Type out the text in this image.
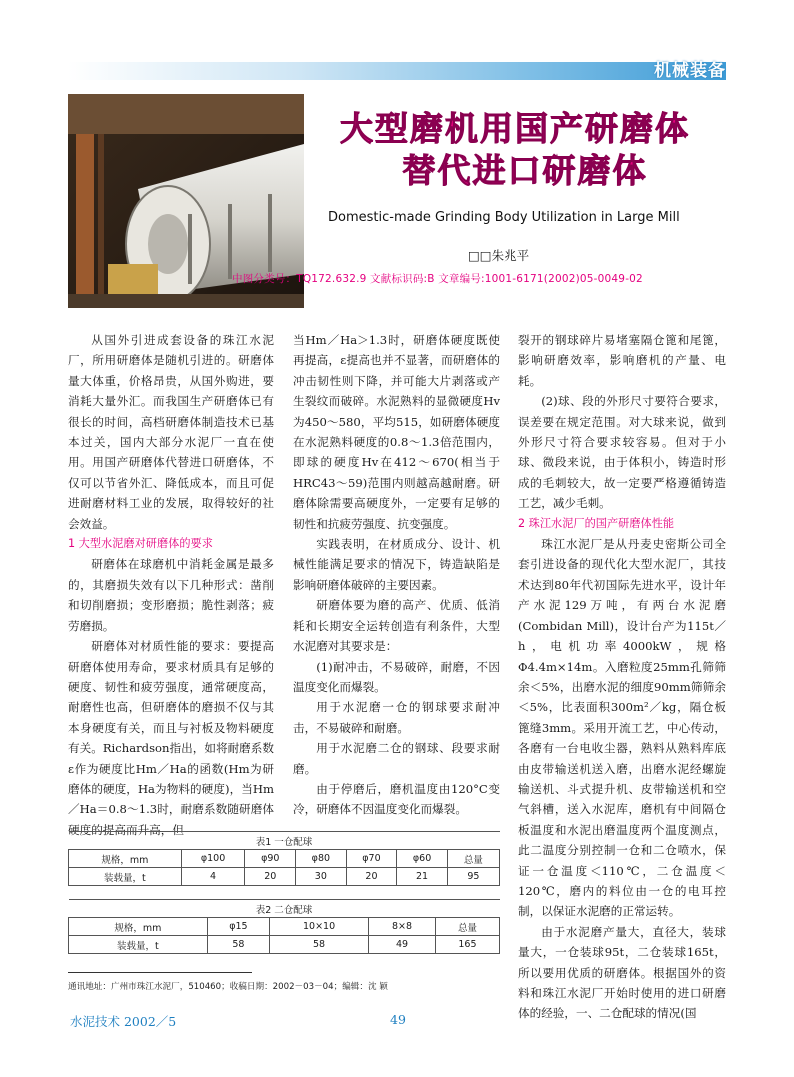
机械装备
大型磨机用国产研磨体

替代进口研磨体
Domestic-made Grinding Body Utilization in Large Mill
□□朱兆平
中图分类号：TQ172.632.9 文献标识码:B 文章编号:1001-6171(2002)05-0049-02

从国外引进成套设备的珠江水泥厂，所用研磨体是随机引进的。研磨体量大体重，价格昂贵，从国外购进，要消耗大量外汇。而我国生产研磨体已有很长的时间，高档研磨体制造技术已基本过关，国内大部分水泥厂一直在使用。用国产研磨体代替进口研磨体，不仅可以节省外汇、降低成本，而且可促进耐磨材料工业的发展，取得较好的社会效益。

1 大型水泥磨对研磨体的要求

研磨体在球磨机中消耗金属是最多的，其磨损失效有以下几种形式：凿削和切削磨损；变形磨损；脆性剥落；疲劳磨损。

研磨体对材质性能的要求：要提高研磨体使用寿命，要求材质具有足够的硬度、韧性和疲劳强度，通常硬度高，耐磨性也高，但研磨体的磨损不仅与其本身硬度有关，而且与衬板及物料硬度有关。Richardson指出，如将耐磨系数ε作为硬度比Hm／Ha的函数(Hm为研磨体的硬度，Ha为物料的硬度)，当Hm／Ha＝0.8～1.3时，耐磨系数随研磨体硬度的提高而升高，但

当Hm／Ha＞1.3时，研磨体硬度既使再提高，ε提高也并不显著，而研磨体的冲击韧性则下降，并可能大片剥落或产生裂纹而破碎。水泥熟料的显微硬度Hv为450～580，平均515，如研磨体硬度在水泥熟料硬度的0.8～1.3倍范围内，即球的硬度Hv在412～670(相当于HRC43～59)范围内则越高越耐磨。研磨体除需要高硬度外，一定要有足够的韧性和抗疲劳强度、抗变强度。

实践表明，在材质成分、设计、机械性能满足要求的情况下，铸造缺陷是影响研磨体破碎的主要因素。

研磨体要为磨的高产、优质、低消耗和长期安全运转创造有利条件，大型水泥磨对其要求是：

(1)耐冲击，不易破碎，耐磨，不因温度变化而爆裂。

用于水泥磨一仓的钢球要求耐冲击，不易破碎和耐磨。

用于水泥磨二仓的钢球、段要求耐磨。

由于停磨后，磨机温度由120°C变冷，研磨体不因温度变化而爆裂。

裂开的钢球碎片易堵塞隔仓篦和尾篦，影响研磨效率，影响磨机的产量、电耗。

(2)球、段的外形尺寸要符合要求，误差要在规定范围。对大球来说，做到外形尺寸符合要求较容易。但对于小球、微段来说，由于体积小，铸造时形成的毛刺较大，故一定要严格遵循铸造工艺，减少毛刺。

2 珠江水泥厂的国产研磨体性能

珠江水泥厂是从丹麦史密斯公司全套引进设备的现代化大型水泥厂，其技术达到80年代初国际先进水平，设计年产水泥129万吨，有两台水泥磨(Combidan Mill)，设计台产为115t／h，电机功率4000kW，规格Φ4.4m×14m。入磨粒度25mm孔筛筛余＜5%，出磨水泥的细度90mm筛筛余＜5%，比表面积300m²／kg，隔仓板篦缝3mm。采用开流工艺，中心传动，各磨有一台电收尘器，熟料从熟料库底由皮带输送机送入磨，出磨水泥经螺旋输送机、斗式提升机、皮带输送机和空气斜槽，送入水泥库，磨机有中间隔仓板温度和水泥出磨温度两个温度测点，此二温度分别控制一仓和二仓喷水，保证一仓温度＜110℃，二仓温度＜120℃，磨内的料位由一仓的电耳控制，以保证水泥磨的正常运转。

由于水泥磨产量大，直径大，装球量大，一仓装球95t，二仓装球165t，所以要用优质的研磨体。根据国外的资料和珠江水泥厂开始时使用的进口研磨体的经验，一、二仓配球的情况(国

表1 一仓配球						
规格，mm	φ100	φ90	φ80	φ70	φ60	总量
装载量，t	4	20	30	20	21	95
表2 二仓配球				
规格，mm	φ15	10×10	8×8	总量
装载量，t	58	58	49	165
通讯地址：广州市珠江水泥厂，510460；收稿日期：2002－03－04；编辑：沈 颖
水泥技术 2002／5	49
